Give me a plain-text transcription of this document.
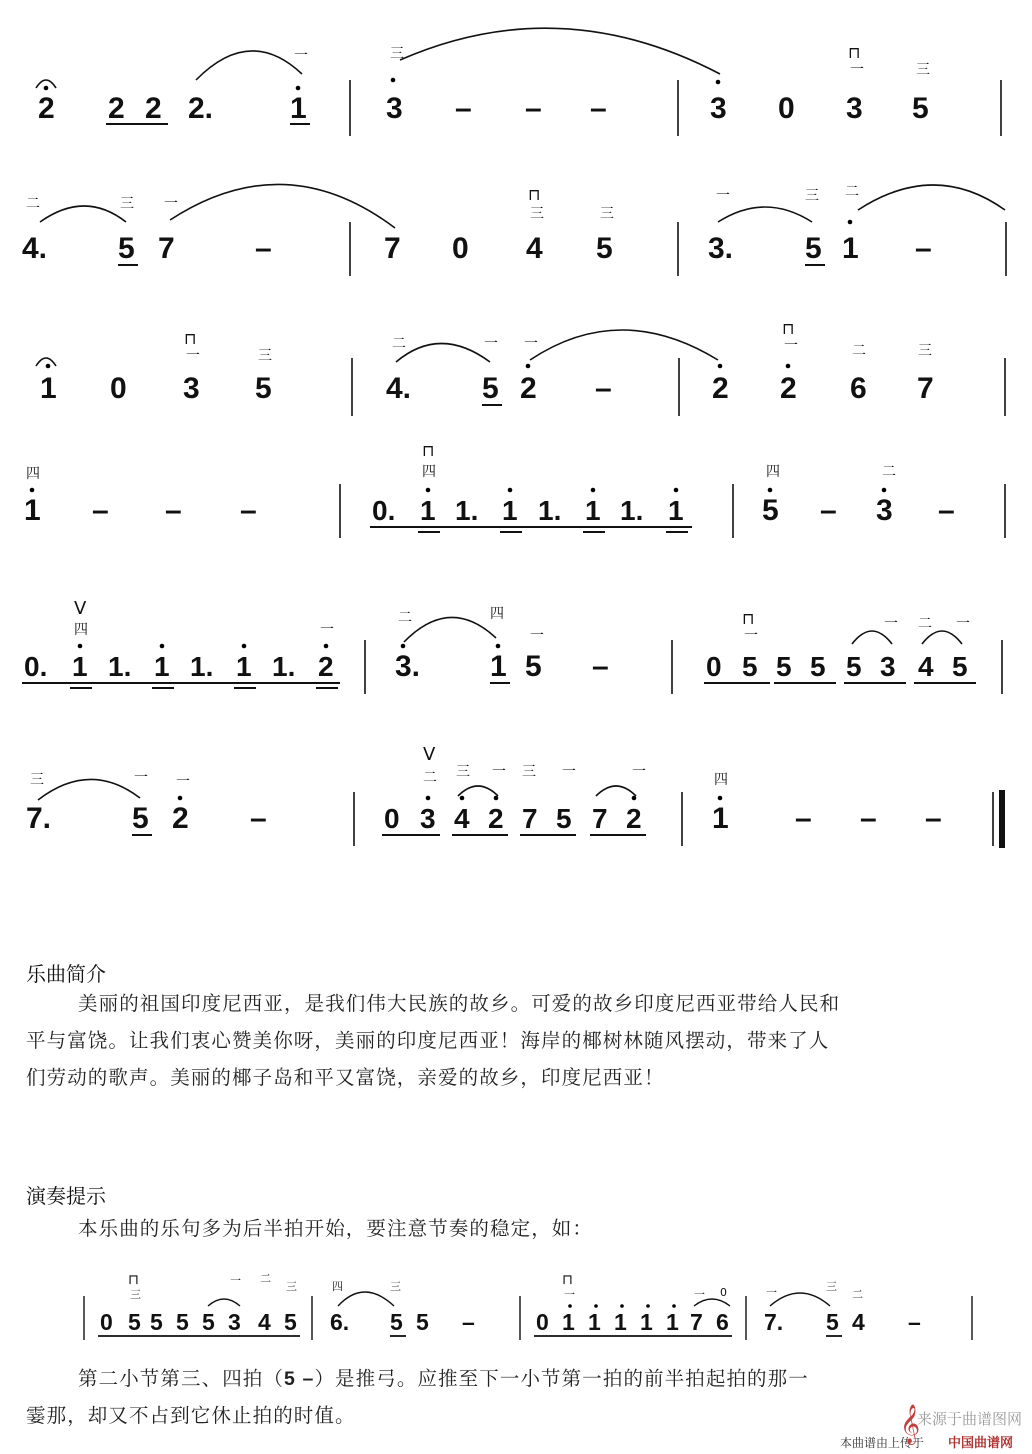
2 2 2 2.	1	3 – – –	3 0 3 5
一	三	⊓
一	三
4. 5 7	–	7 0 4 5	3. 5 1 –
二	三 一	⊓
三	三
一	三 二
1 0 3 5	4. 5 2 –	2 2 6 7
⊓
一	三
二	一 一
⊓
一	二	三
1 – – –	0. 1 1. 1 1. 1 1. 1	5 – 3 –
四
⊓
四	四	二
0. 1 1. 1 1. 1 1. 2 3. 1 5 –	0 5 5 5 5 3 4 5
V
四	一
二	四
一
⊓
一
一 二 一
7.	5 2 –	0 3 4 2 7 5 7 2 1 – – –
三	一 一
V
二 三 一 三 一	一	四
0 5 5 5 5 3 4 5 6. 5 5 –	0 1 1 1 1 1 7 6 7. 5 4 –
⊓
三
一 二
三	四	三	⊓
一	一 0	一	三
二
乐曲简介
美丽的祖国印度尼西亚，是我们伟大民族的故乡。可爱的故乡印度尼西亚带给人民和
平与富饶。让我们衷心赞美你呀，美丽的印度尼西亚！海岸的椰树林随风摆动，带来了人
们劳动的歌声。美丽的椰子岛和平又富饶，亲爱的故乡，印度尼西亚！
演奏提示
本乐曲的乐句多为后半拍开始，要注意节奏的稳定，如：
第二小节第三、四拍（5 –）是推弓。应推至下一小节第一拍的前半拍起拍的那一
霎那，却又不占到它休止拍的时值。	来源于曲谱图网
本曲谱由上传于 中国曲谱网
𝄞
